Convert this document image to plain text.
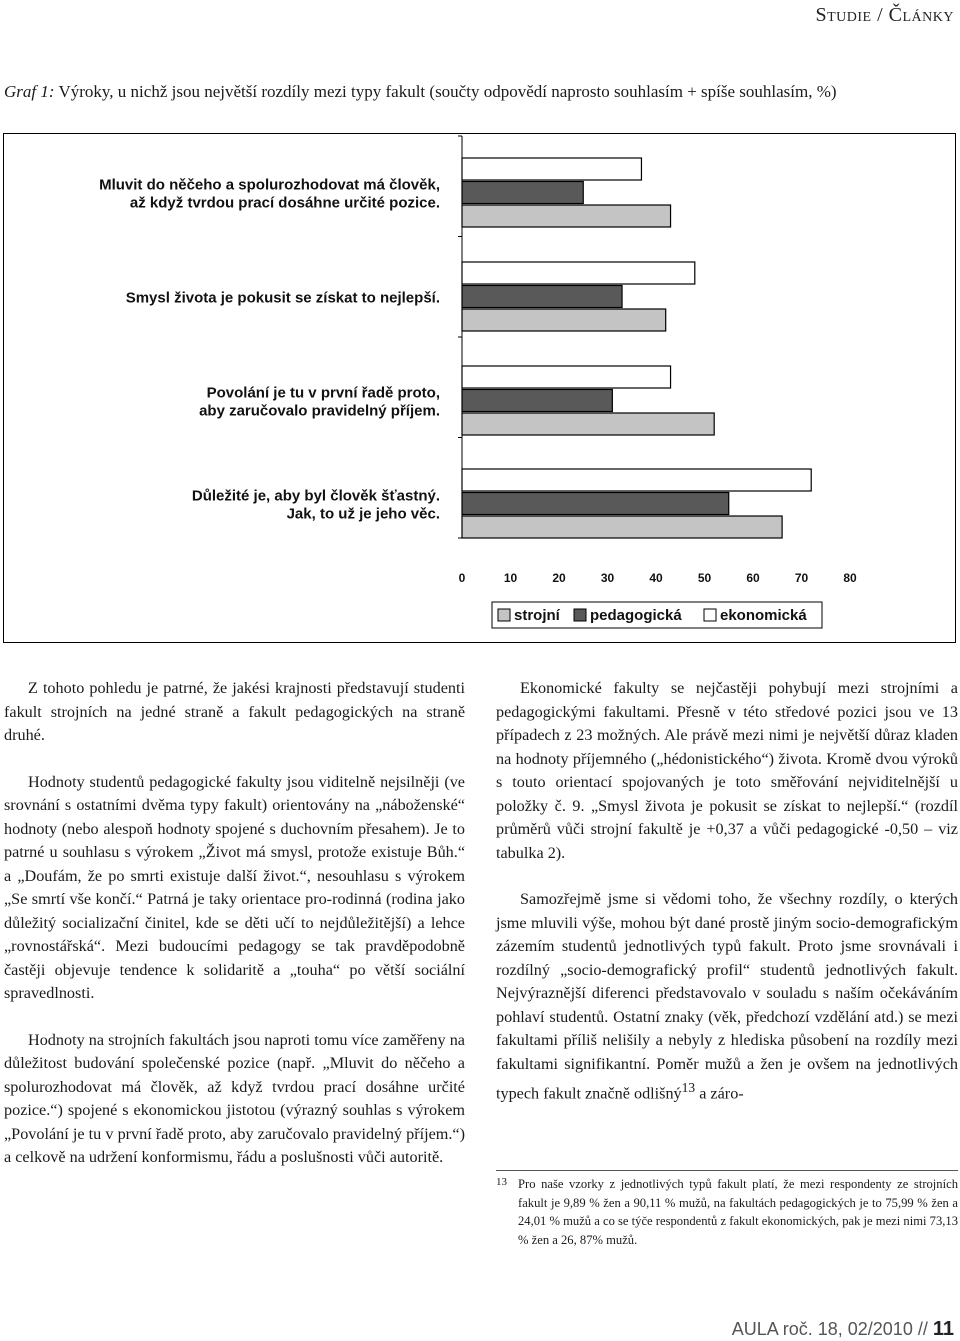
Studie / Články
Graf 1: Výroky, u nichž jsou největší rozdíly mezi typy fakult (součty odpovědí naprosto souhlasím + spíše souhlasím, %)
Mluvit do něčeho a spolurozhodovat má člověk,
až když tvrdou prací dosáhne určité pozice.
Smysl života je pokusit se získat to nejlepší.
Povolání je tu v první řadě proto,
aby zaručovalo pravidelný příjem.
Důležité je, aby byl člověk šťastný.
Jak, to už je jeho věc.
0	10	20	30	40	50	60	70	80
strojní pedagogická	ekonomická

Z tohoto pohledu je patrné, že jakési krajnosti představují studenti fakult strojních na jedné straně a fakult pedagogických na straně druhé.

Hodnoty studentů pedagogické fakulty jsou viditelně nejsilněji (ve srovnání s ostatními dvěma typy fakult) orientovány na „náboženské“ hodnoty (nebo alespoň hodnoty spojené s duchovním přesahem). Je to patrné u souhlasu s výrokem „Život má smysl, protože existuje Bůh.“ a „Doufám, že po smrti existuje další život.“, nesouhlasu s výrokem „Se smrtí vše končí.“ Patrná je taky orientace pro-rodinná (rodina jako důležitý socializační činitel, kde se děti učí to nejdůležitější) a lehce „rovnostářská“. Mezi budoucími pedagogy se tak pravděpodobně častěji objevuje tendence k solidaritě a „touha“ po větší sociální spravedlnosti.

Hodnoty na strojních fakultách jsou naproti tomu více zaměřeny na důležitost budování společenské pozice (např. „Mluvit do něčeho a spolurozhodovat má člověk, až když tvrdou prací dosáhne určité pozice.“) spojené s ekonomickou jistotou (výrazný souhlas s výrokem „Povolání je tu v první řadě proto, aby zaručovalo pravidelný příjem.“) a celkově na udržení konformismu, řádu a poslušnosti vůči autoritě.

Ekonomické fakulty se nejčastěji pohybují mezi strojními a pedagogickými fakultami. Přesně v této středové pozici jsou ve 13 případech z 23 možných. Ale právě mezi nimi je největší důraz kladen na hodnoty příjemného („hédonistického“) života. Kromě dvou výroků s touto orientací spojovaných je toto směřování nejviditelnější u položky č. 9. „Smysl života je pokusit se získat to nejlepší.“ (rozdíl průměrů vůči strojní fakultě je +0,37 a vůči pedagogické -0,50 – viz tabulka 2).

Samozřejmě jsme si vědomi toho, že všechny rozdíly, o kterých jsme mluvili výše, mohou být dané prostě jiným socio-demografickým zázemím studentů jednotlivých typů fakult. Proto jsme srovnávali i rozdílný „socio-demografický profil“ studentů jednotlivých fakult. Nejvýraznější diferenci představovalo v souladu s naším očekáváním pohlaví studentů. Ostatní znaky (věk, předchozí vzdělání atd.) se mezi fakultami příliš nelišily a nebyly z hlediska působení na rozdíly mezi fakultami signifikantní. Poměr mužů a žen je ovšem na jednotlivých typech fakult značně odlišný$^{13}$ a záro-

13 Pro naše vzorky z jednotlivých typů fakult platí, že mezi respondenty ze strojních fakult je 9,89 % žen a 90,11 % mužů, na fakultách pedagogických je to 75,99 % žen a 24,01 % mužů a co se týče respondentů z fakult ekonomických, pak je mezi nimi 73,13 % žen a 26, 87% mužů.
AULA roč. 18, 02/2010 // 11
